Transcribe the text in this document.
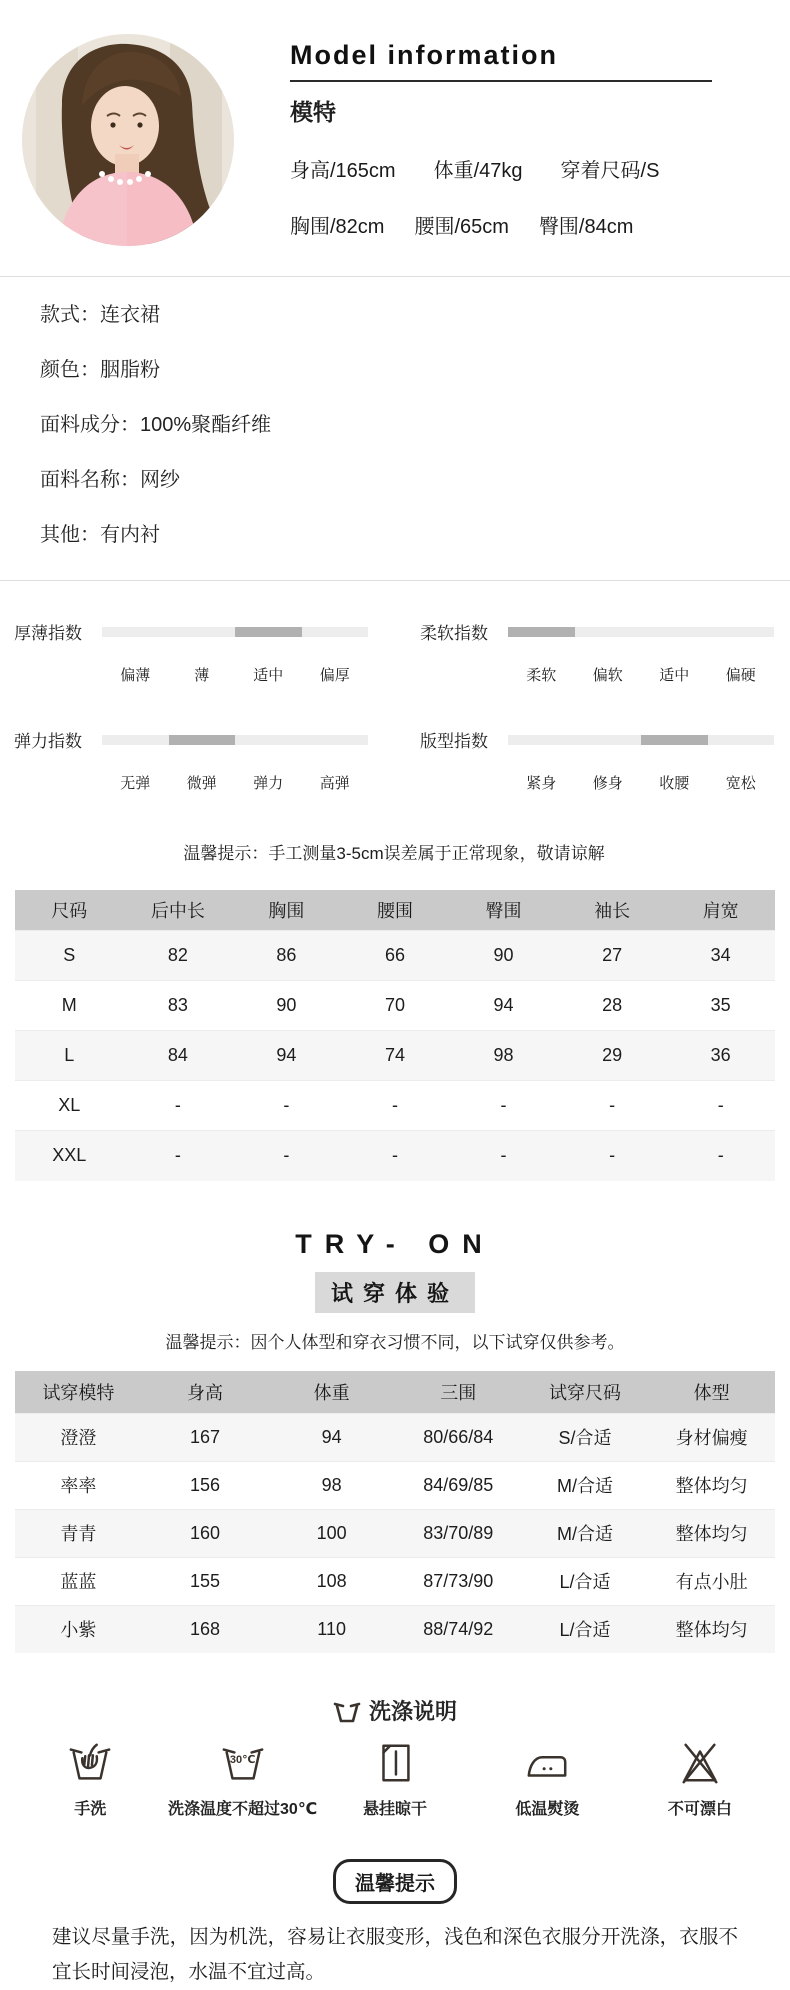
Model information
模特
身高/165cm 体重/47kg 穿着尺码/S
胸围/82cm 腰围/65cm 臀围/84cm
款式：连衣裙
颜色：胭脂粉
面料成分：100%聚酯纤维
面料名称：网纱
其他：有内衬
厚薄指数
偏薄	薄	适中	偏厚
柔软指数
柔软	偏软	适中	偏硬
弹力指数
无弹	微弹	弹力	高弹
版型指数
紧身	修身	收腰	宽松
温馨提示：手工测量3-5cm误差属于正常现象，敬请谅解
尺码	后中长	胸围	腰围	臀围	袖长	肩宽
S	82	86	66	90	27	34
M	83	90	70	94	28	35
L	84	94	74	98	29	36
XL	-	-	-	-	-	-
XXL	-	-	-	-	-	-
TRY- ON
试穿体验
温馨提示：因个人体型和穿衣习惯不同，以下试穿仅供参考。
试穿模特	身高	体重	三围	试穿尺码	体型
澄澄	167	94	80/66/84	S/合适	身材偏瘦
率率	156	98	84/69/85	M/合适	整体均匀
青青	160	100	83/70/89	M/合适	整体均匀
蓝蓝	155	108	87/73/90	L/合适	有点小肚
小紫	168	110	88/74/92	L/合适	整体均匀
洗涤说明
手洗
30℃
洗涤温度不超过30℃	悬挂晾干	低温熨烫	不可漂白
温馨提示
建议尽量手洗，因为机洗，容易让衣服变形，浅色和深色衣服分开洗涤，衣服不宜长时间浸泡，水温不宜过高。
